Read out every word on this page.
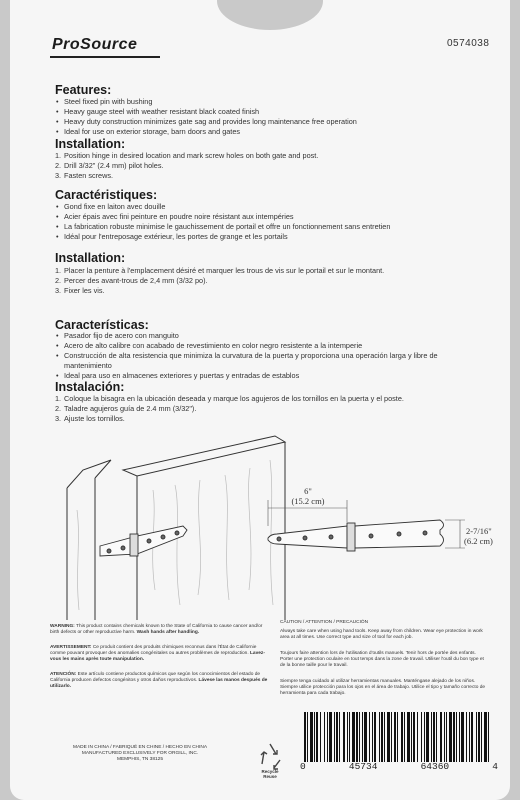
ProSource	0574038
Features:
• Steel fixed pin with bushing
• Heavy gauge steel with weather resistant black coated finish
• Heavy duty construction minimizes gate sag and provides long maintenance free operation
• Ideal for use on exterior storage, barn doors and gates
Installation:
1. Position hinge in desired location and mark screw holes on both gate and post.
2. Drill 3/32" (2.4 mm) pilot holes.
3. Fasten screws.
Caractéristiques:
• Gond fixe en laiton avec douille
• Acier épais avec fini peinture en poudre noire résistant aux intempéries
• La fabrication robuste minimise le gauchissement de portail et offre un fonctionnement sans entretien
• Idéal pour l'entreposage extérieur, les portes de grange et les portails
Installation:
1. Placer la penture à l'emplacement désiré et marquer les trous de vis sur le portail et sur le montant.
2. Percer des avant-trous de 2,4 mm (3/32 po).
3. Fixer les vis.
Características:
• Pasador fijo de acero con manguito
• Acero de alto calibre con acabado de revestimiento en color negro resistente a la intemperie
• Construcción de alta resistencia que minimiza la curvatura de la puerta y proporciona una operación larga y libre de mantenimiento
• Ideal para uso en almacenes exteriores y puertas y entradas de establos
Instalación:
1. Coloque la bisagra en la ubicación deseada y marque los agujeros de los tornillos en la puerta y el poste.
2. Taladre agujeros guía de 2.4 mm (3/32").
3. Ajuste los tornillos.
6"
(15.2 cm)
2-7/16"
(6.2 cm)

WARNING: This product contains chemicals known to the State of California to cause cancer and/or birth defects or other reproductive harm. Wash hands after handling.

AVERTISSEMENT: Ce produit contient des produits chimiques reconnus dans l'État de Californie comme pouvant provoquer des anomalies congénitales ou autres problèmes de reproduction. Lavez-vous les mains après toute manipulation.

ATENCIÓN: Este artículo contiene productos químicos que según los conocimientos del estado de California producen defectos congénitos y otros daños reproductivos. Lávese las manos después de utilizarlo.

CAUTION / ATTENTION / PRECAUCIÓN

Always take care when using hand tools. Keep away from children. Wear eye protection in work area at all times. Use correct type and size of tool for each job.

Toujours faire attention lors de l'utilisation d'outils manuels. Tenir hors de portée des enfants. Porter une protection oculaire en tout temps dans la zone de travail. Utiliser l'outil du bon type et de la bonne taille pour le travail.

Siempre tenga cuidado al utilizar herramientas manuales. Manténgase alejado de los niños. Siempre utilice protección para los ojos en el área de trabajo. Utilice el tipo y tamaño correcto de herramienta para cada trabajo.

MADE IN CHINA / FABRIQUÉ EN CHINE / HECHO EN CHINA
MANUFACTURED EXCLUSIVELY FOR ORGILL, INC.
MEMPHIS, TN 38125
Recycle
Reuse
0	45734	64360	4
